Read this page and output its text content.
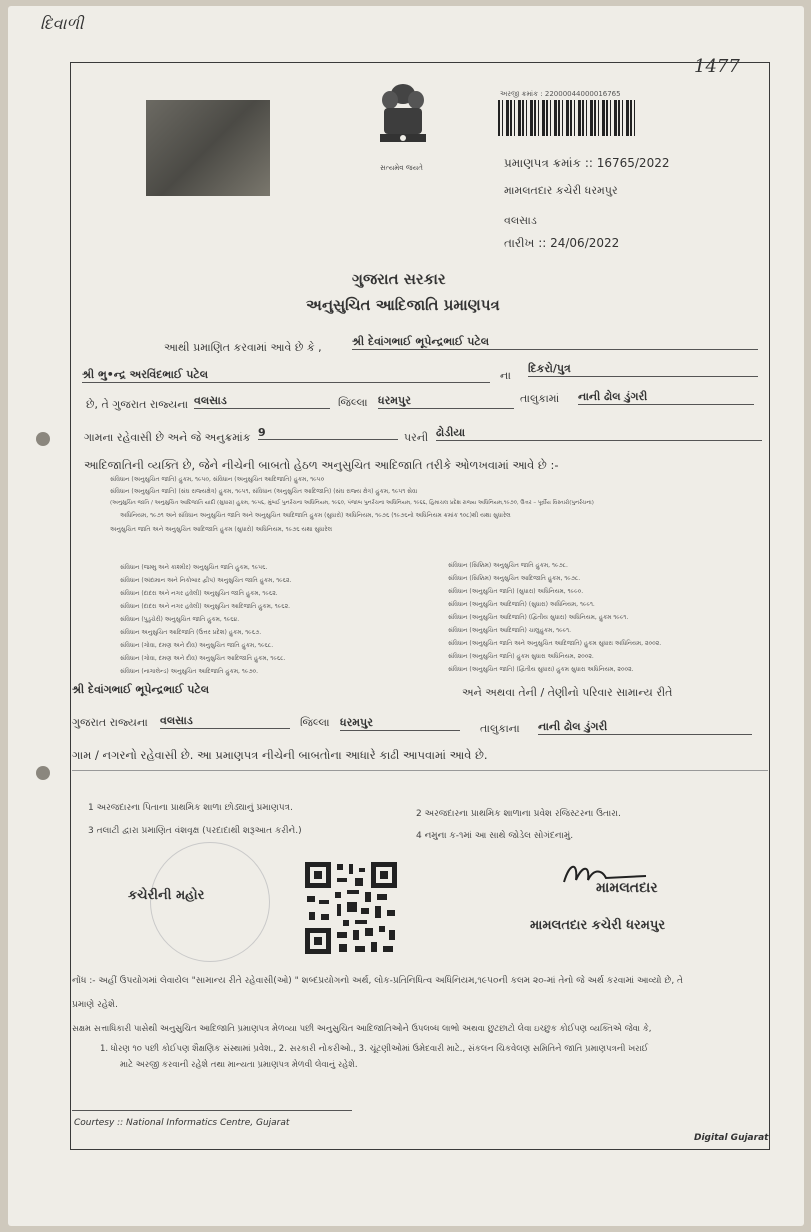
દિવાળી
1477
સત્યમેવ જયતે
અરજી ક્રમાંક : 22000044000016765
પ્રમાણપત્ર ક્રમાંક :: 16765/2022
મામલતદાર કચેરી ધરમપુર
વલસાડ
તારીખ :: 24/06/2022
ગુજરાત સરકાર
અનુસુચિત આદિજાતિ પ્રમાણપત્ર
આથી પ્રમાણિત કરવામાં આવે છે કે ,	શ્રી દેવાંગભાઈ ભૂપેન્દ્રભાઈ પટેલ
શ્રી ભુ•ન્દ્ર અરવિંદભાઈ પટેલ	ના
દિકરો/પુત્ર
છે, તે ગુજરાત રાજ્યના વલસાડ	જિલ્લા ધરમપુર	તાલુકામાં નાની ઢોલ ડુંગરી
ગામના રહેવાસી છે અને જે અનુક્રમાંક 9	પરની ઢોડીયા
આદિજાતિની વ્યક્તિ છે, જેને નીચેની બાબતો હેઠળ અનુસુચિત આદિજાતિ તરીકે ઓળખવામાં આવે છે :-
સંવિધાન (અનુસુચિત જાતિ) હુકમ, ૧૯૫૦, સંવિધાન (અનુસુચિત આદિજાતિ) હુકમ, ૧૯૫૦
સંવિધાન (અનુસુચિત જાતિ) (સંઘ રાજ્યક્ષેત્ર) હુકમ, ૧૯૫૧, સંવિધાન (અનુસુચિત આદિજાતિ) (સંઘ રાજ્ય ક્ષેત્ર) હુકમ, ૧૯૫૧ સેવા
(અનુસુચિત જાતિ / અનુસુચિત આદિજાતિ યાદી (સુધારા) હુકમ, ૧૯૫૬, મુંબઈ પુનર્રચના અધિનિયમ, ૧૯૬૦, પંજાબ પુનર્રચના અધિનિયમ, ૧૯૬૬, હિમાચલ પ્રદેશ રાજ્ય અધિનિયમ,૧૯૭૦, ઉત્તર – પૂર્વીય વિસ્તારો(પુનર્રચના)
અધિનિયમ, ૧૯૭૧ અને સંવિધાન અનુસુચિત જાતિ અને અનુસુચિત આદિજાતિ હુકમ (સુધારો) અધિનિયમ, ૧૯૭૬ (૧૯૭૬નો અધિનિયમ ક્રમાંક ૧૦૮)થી યથા સુધારેલ
અનુસુચિત જાતિ અને અનુસુચિત આદિજાતિ હુકમ (સુધારો) અધિનિયમ, ૧૯૭૬ યથા સુધારેલ
સંવિધાન (જમ્મુ અને કાશ્મીર) અનુસુચિત જાતિ હુકમ, ૧૯૫૬.
સંવિધાન (અંદામાન અને નિકોબાર દ્વીપ) અનુસુચિત જાતિ હુકમ, ૧૯૬૨.
સંવિધાન (દાદરા અને નગર હવેલી) અનુસુચિત જાતિ હુકમ, ૧૯૬૨.
સંવિધાન (દાદરા અને નગર હવેલી) અનુસુચિત આદિજાતિ હુકમ, ૧૯૬૨.
સંવિધાન (પુડુચેરી) અનુસુચિત જાતિ હુકમ, ૧૯૬૪.
સંવિધાન અનુસુચિત આદિજાતિ (ઉત્તર પ્રદેશ) હુકમ, ૧૯૬૭.
સંવિધાન (ગોવા, દમણ અને દીવ) અનુસુચિત જાતિ હુકમ, ૧૯૬૮.
સંવિધાન (ગોવા, દમણ અને દીવ) અનુસુચિત આદિજાતિ હુકમ, ૧૯૬૮.
સંવિધાન (નાગાલેન્ડ) અનુસુચિત આદિજાતિ હુકમ, ૧૯૭૦.
સંવિધાન (સિક્કિમ) અનુસુચિત જાતિ હુકમ, ૧૯૭૮.
સંવિધાન (સિક્કિમ) અનુસુચિત આદિજાતિ હુકમ, ૧૯૭૮.
સંવિધાન (અનુસુચિત જાતિ) (સુધારા) અધિનિયમ, ૧૯૯૦.
સંવિધાન (અનુસુચિત આદિજાતિ) (સુધારા) અધિનિયમ, ૧૯૯૧.
સંવિધાન (અનુસુચિત આદિજાતિ) (દ્વિતીય સુધારા) અધિનિયમ, હુકમ ૧૯૯૧.
સંવિધાન (અનુસુચિત આદિજાતિ) ચાલુહુકમ, ૧૯૯૧.
સંવિધાન (અનુસુચિત જાતિ અને અનુસુચિત આદિજાતિ) હુકમ સુધારા અધિનિયમ, ૨૦૦૨.
સંવિધાન (અનુસુચિત જાતિ) હુકમ સુધારા અધિનિયમ, ૨૦૦૨.
સંવિધાન (અનુસુચિત જાતિ) (દ્વિતીય સુધારા) હુકમ સુધારા અધિનિયમ, ૨૦૦૨.
શ્રી દેવાંગભાઈ ભૂપેન્દ્રભાઈ પટેલ	અને અથવા તેની / તેણીનો પરિવાર સામાન્ય રીતે
ગુજરાત રાજ્યના વલસાડ	જિલ્લા ધરમપુર	તાલુકાના નાની ઢોલ ડુંગરી
ગામ / નગરનો રહેવાસી છે. આ પ્રમાણપત્ર નીચેની બાબતોના આધારે કાઢી આપવામાં આવે છે.
1 અરજદારના પિતાના પ્રાથમિક શાળા છોડ્યાનું પ્રમાણપત્ર.
2 અરજદારના પ્રાથમિક શાળાના પ્રવેશ રજિસ્ટરના ઉતારા.
3 તલાટી દ્વારા પ્રમાણિત વંશવૃક્ષ (પરદાદાથી શરૂઆત કરીને.)	4 નમુના ક-૧માં આ સાથે જોડેલ સોગંદનામું.
કચેરીની મહોર	મામલતદાર
મામલતદાર કચેરી ધરમપુર
નોંધ :- અહીં ઉપયોગમાં લેવાયેલ "સામાન્ય રીતે રહેવાસી(ઓ) " શબ્દપ્રયોગનો અર્થ, લોક-પ્રતિનિધિત્વ અધિનિયમ,૧૯૫૦ની કલમ ૨૦-માં તેનો જે અર્થ કરવામાં આવ્યો છે, તે
પ્રમાણે રહેશે.
સક્ષમ સત્તાધિકારી પાસેથી અનુસુચિત આદિજાતિ પ્રમાણપત્ર મેળવ્યા પછી અનુસુચિત આદિજાતિઓને ઉપલબ્ધ લાભો અથવા છુટછાટો લેવા ઇચ્છુક કોઈપણ વ્યક્તિએ જેવા કે,
1. ધોરણ ૧૦ પછી કોઈપણ શૈક્ષણિક સંસ્થામાં પ્રવેશ., 2. સરકારી નોકરીઓ., 3. ચૂંટણીઓમાં ઉમેદવારી માટે., સંકલન ચિકવેલણ સમિતિને જાતિ પ્રમાણપત્રની ખરાઈ
માટે અરજી કરવાની રહેશે તથા માન્યતા પ્રમાણપત્ર મેળવી લેવાનું રહેશે.
Courtesy :: National Informatics Centre, Gujarat
Digital Gujarat
